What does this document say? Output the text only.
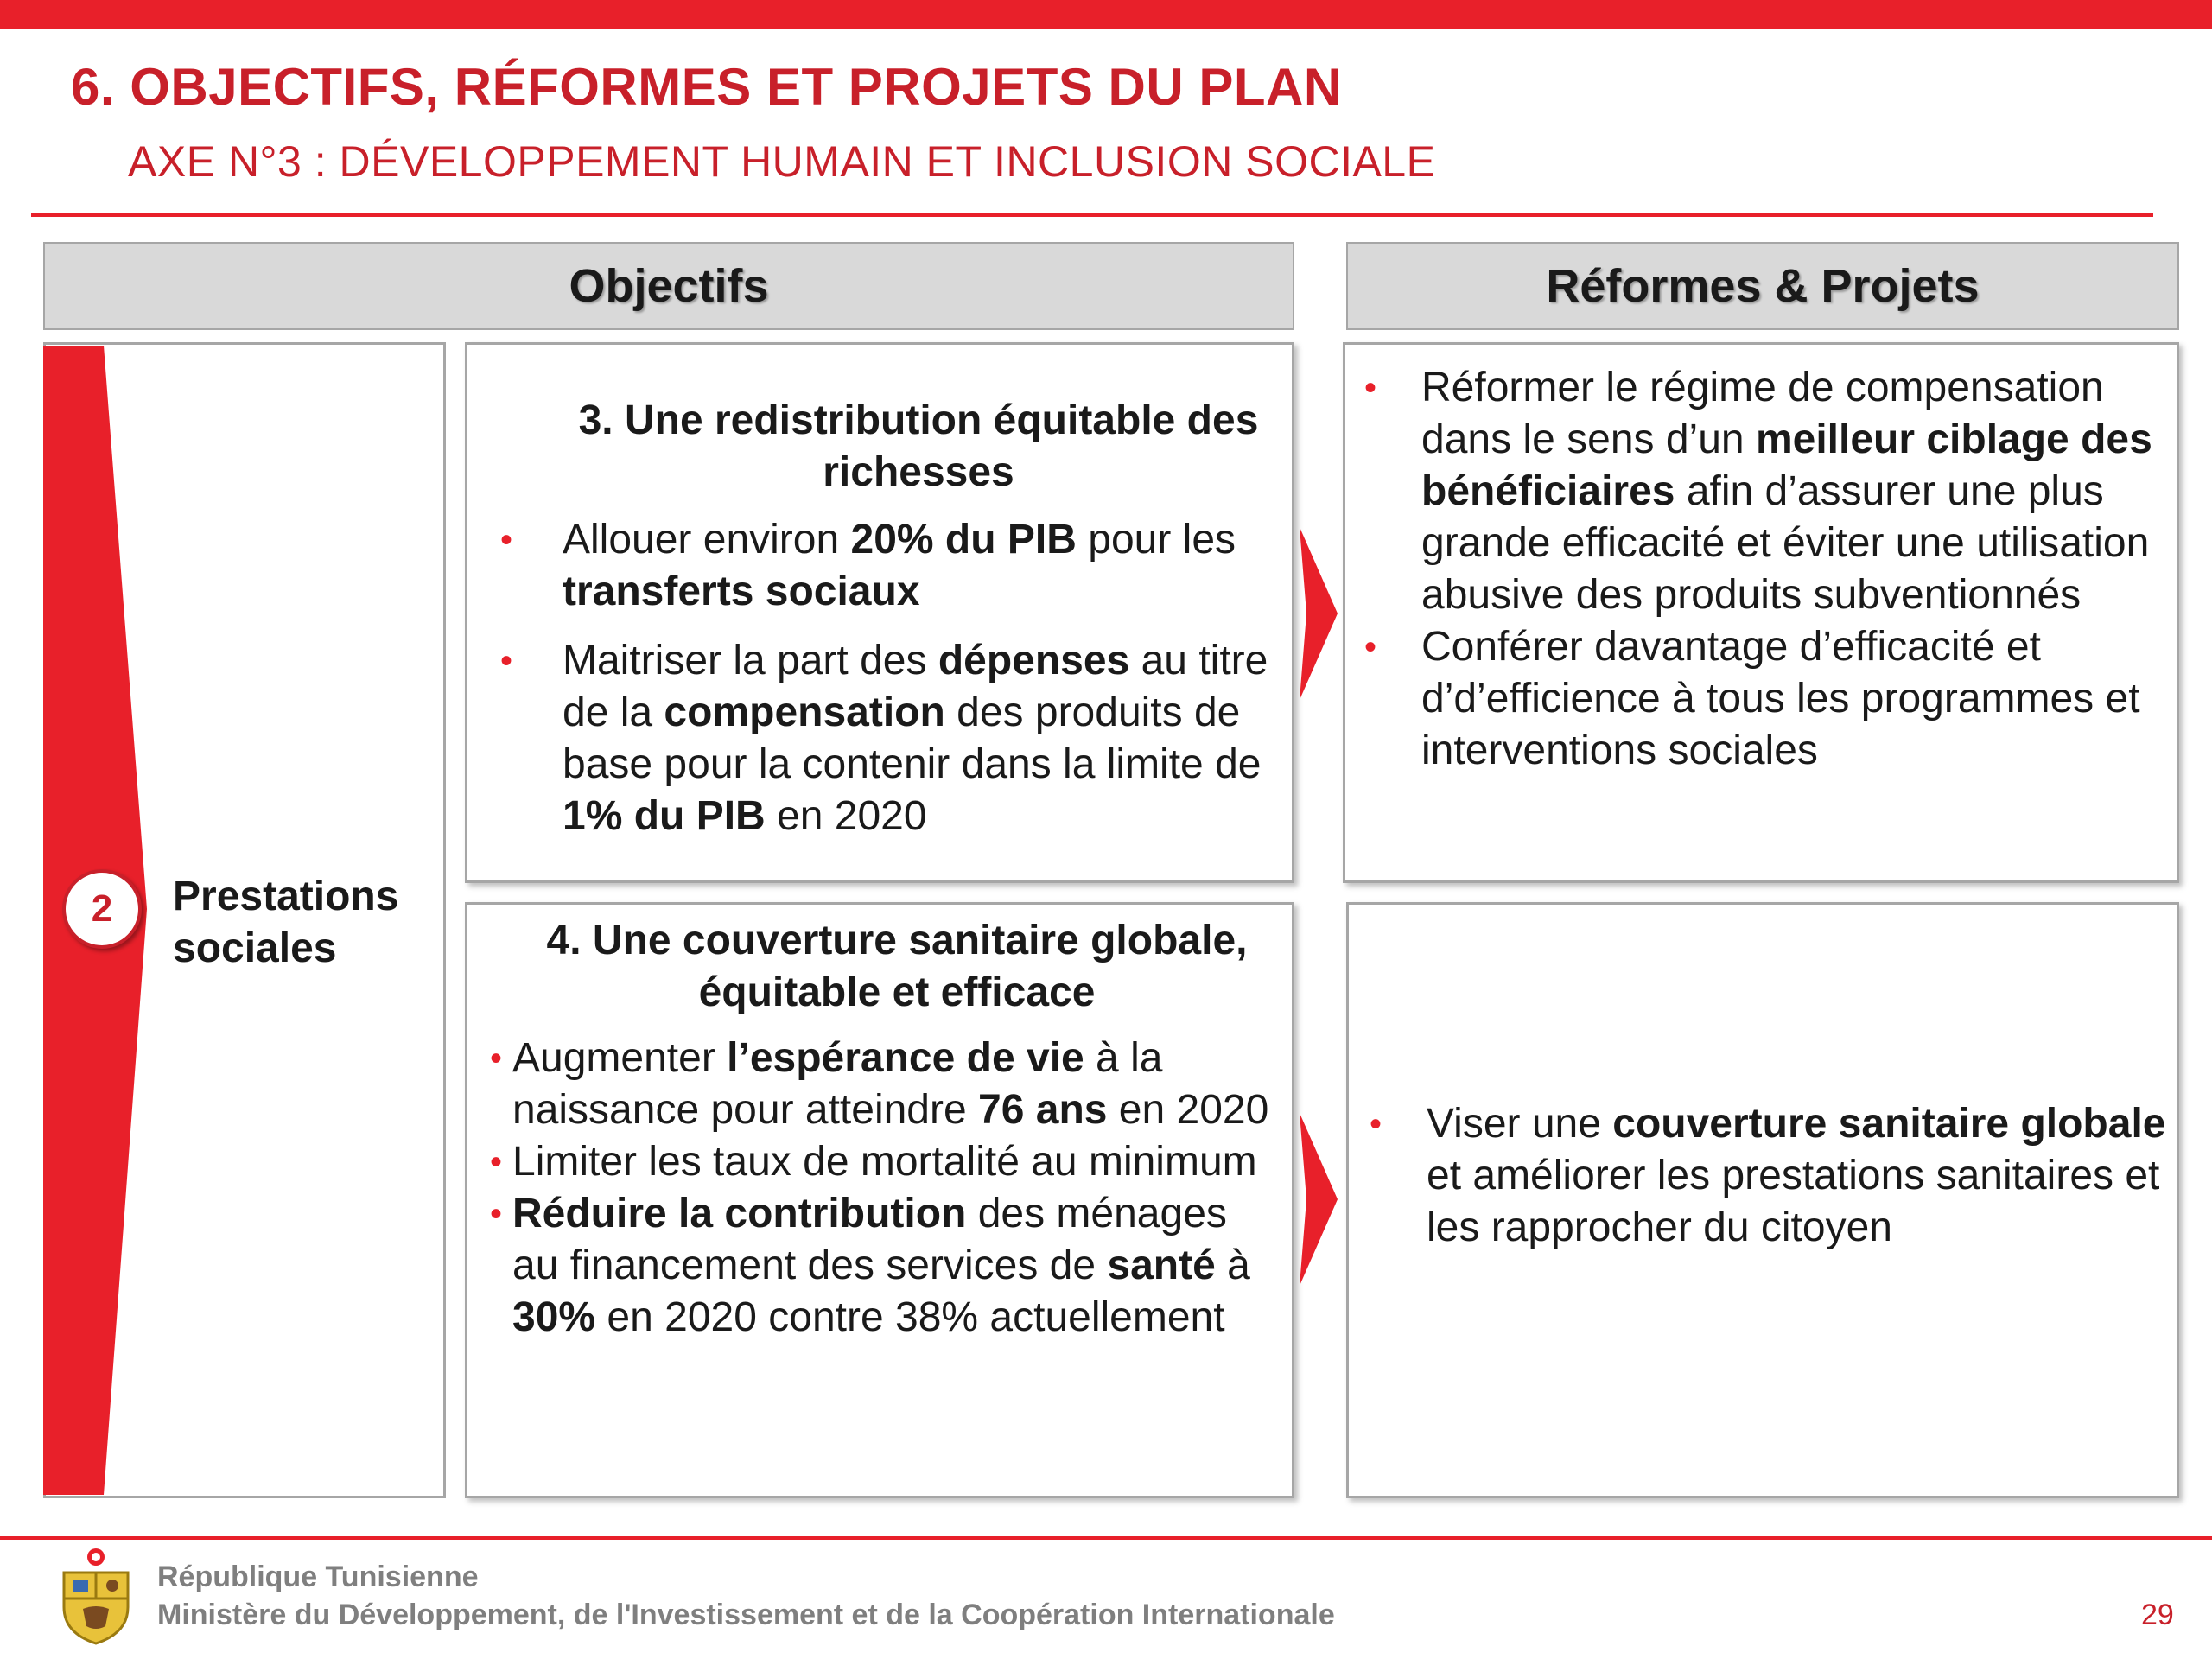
6. OBJECTIFS, RÉFORMES ET PROJETS DU PLAN
AXE N°3 : DÉVELOPPEMENT HUMAIN ET INCLUSION SOCIALE
Objectifs	Réformes & Projets
2 Prestations
sociales
3. Une redistribution équitable des
richesses
• Allouer environ 20% du PIB pour les transferts sociaux
• Maitriser la part des dépenses au titre de la compensation des produits de base pour la contenir dans la limite de 1% du PIB en 2020
4. Une couverture sanitaire globale,
équitable et efficace
• Augmenter l’espérance de vie à la naissance pour atteindre 76 ans en 2020
• Limiter les taux de mortalité au minimum
• Réduire la contribution des ménages au financement des services de santé à 30% en 2020 contre 38% actuellement
• Réformer le régime de compensation dans le sens d’un meilleur ciblage des bénéficiaires afin d’assurer une plus grande efficacité et éviter une utilisation abusive des produits subventionnés
• Conférer davantage d’efficacité et d’d’efficience à tous les programmes et interventions sociales
• Viser une couverture sanitaire globale et améliorer les prestations sanitaires et les rapprocher du citoyen
République Tunisienne
Ministère du Développement, de l'Investissement et de la Coopération Internationale	29
